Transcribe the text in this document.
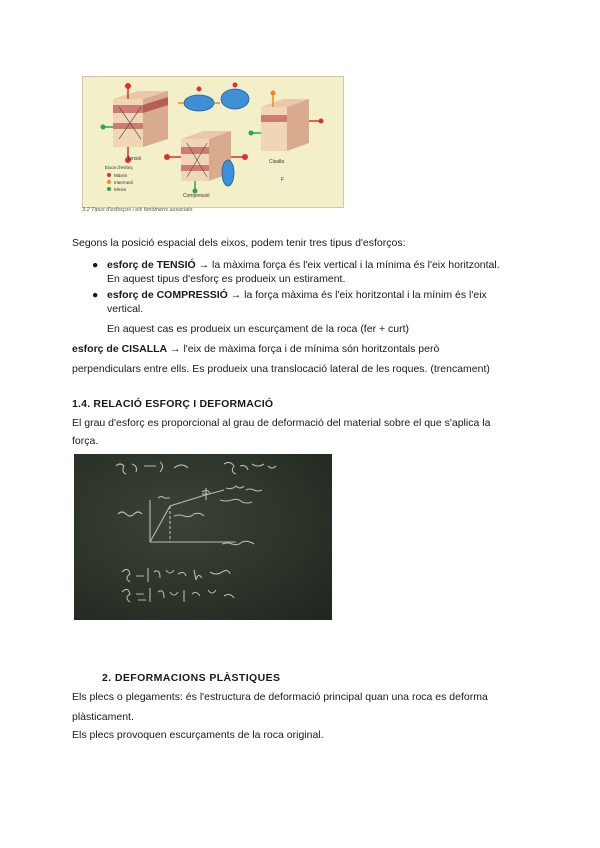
Tensió
Compressió
Cisalla
F
Eixos d'esforç
Màxim
Intermedi
Mínim
3.2 Tipus d'esforços i els fenòmens associats
Segons la posició espacial dels eixos, podem tenir tres tipus d'esforços:
● esforç de TENSIÓ → la màxima força és l'eix vertical i la mínima és l'eix horitzontal.
En aquest tipus d'esforç es produeix un estirament.
● esforç de COMPRESSIÓ → la força màxima és l'eix horitzontal i la mínim és l'eix
vertical.
En aquest cas es produeix un escurçament de la roca (fer + curt)
esforç de CISALLA → l'eix de màxima força i de mínima són horitzontals però
perpendiculars entre ells. Es produeix una translocació lateral de les roques. (trencament)
1.4. RELACIÓ ESFORÇ I DEFORMACIÓ
El grau d'esforç es proporcional al grau de deformació del material sobre el que s'aplica la
força.
2. DEFORMACIONS PLÀSTIQUES
Els plecs o plegaments: és l'estructura de deformació principal quan una roca es deforma
plàsticament.
Els plecs provoquen escurçaments de la roca original.
